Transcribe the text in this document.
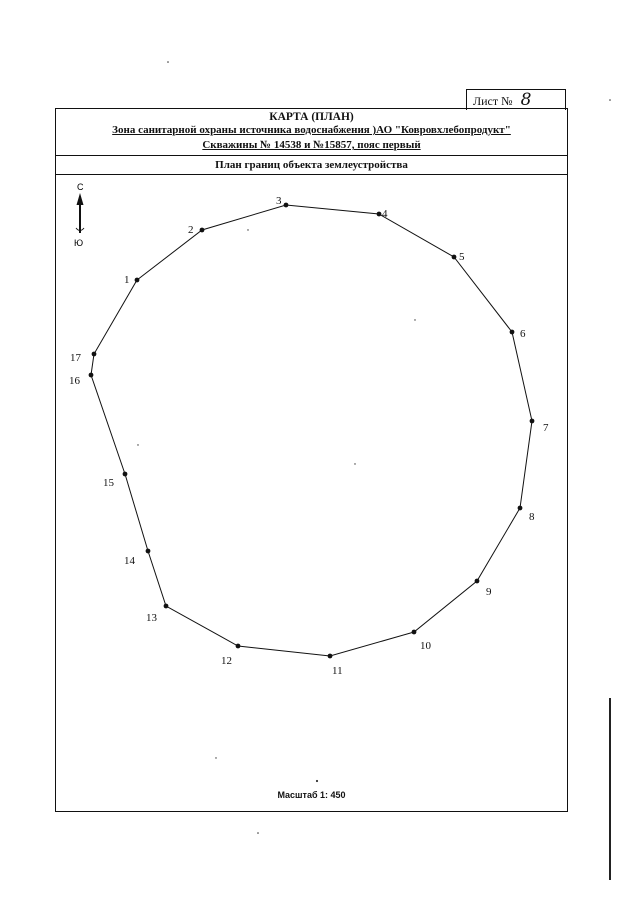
Лист № 8
КАРТА (ПЛАН)
Зона санитарной охраны источника водоснабжения )АО "Ковровхлебопродукт"
Скважины № 14538 и №15857, пояс первый
План границ объекта землеустройства
Масштаб 1: 450
С
Ю
1
2
3
4
5
6
7
8
9
10
11
12
13
14
15
16
17
